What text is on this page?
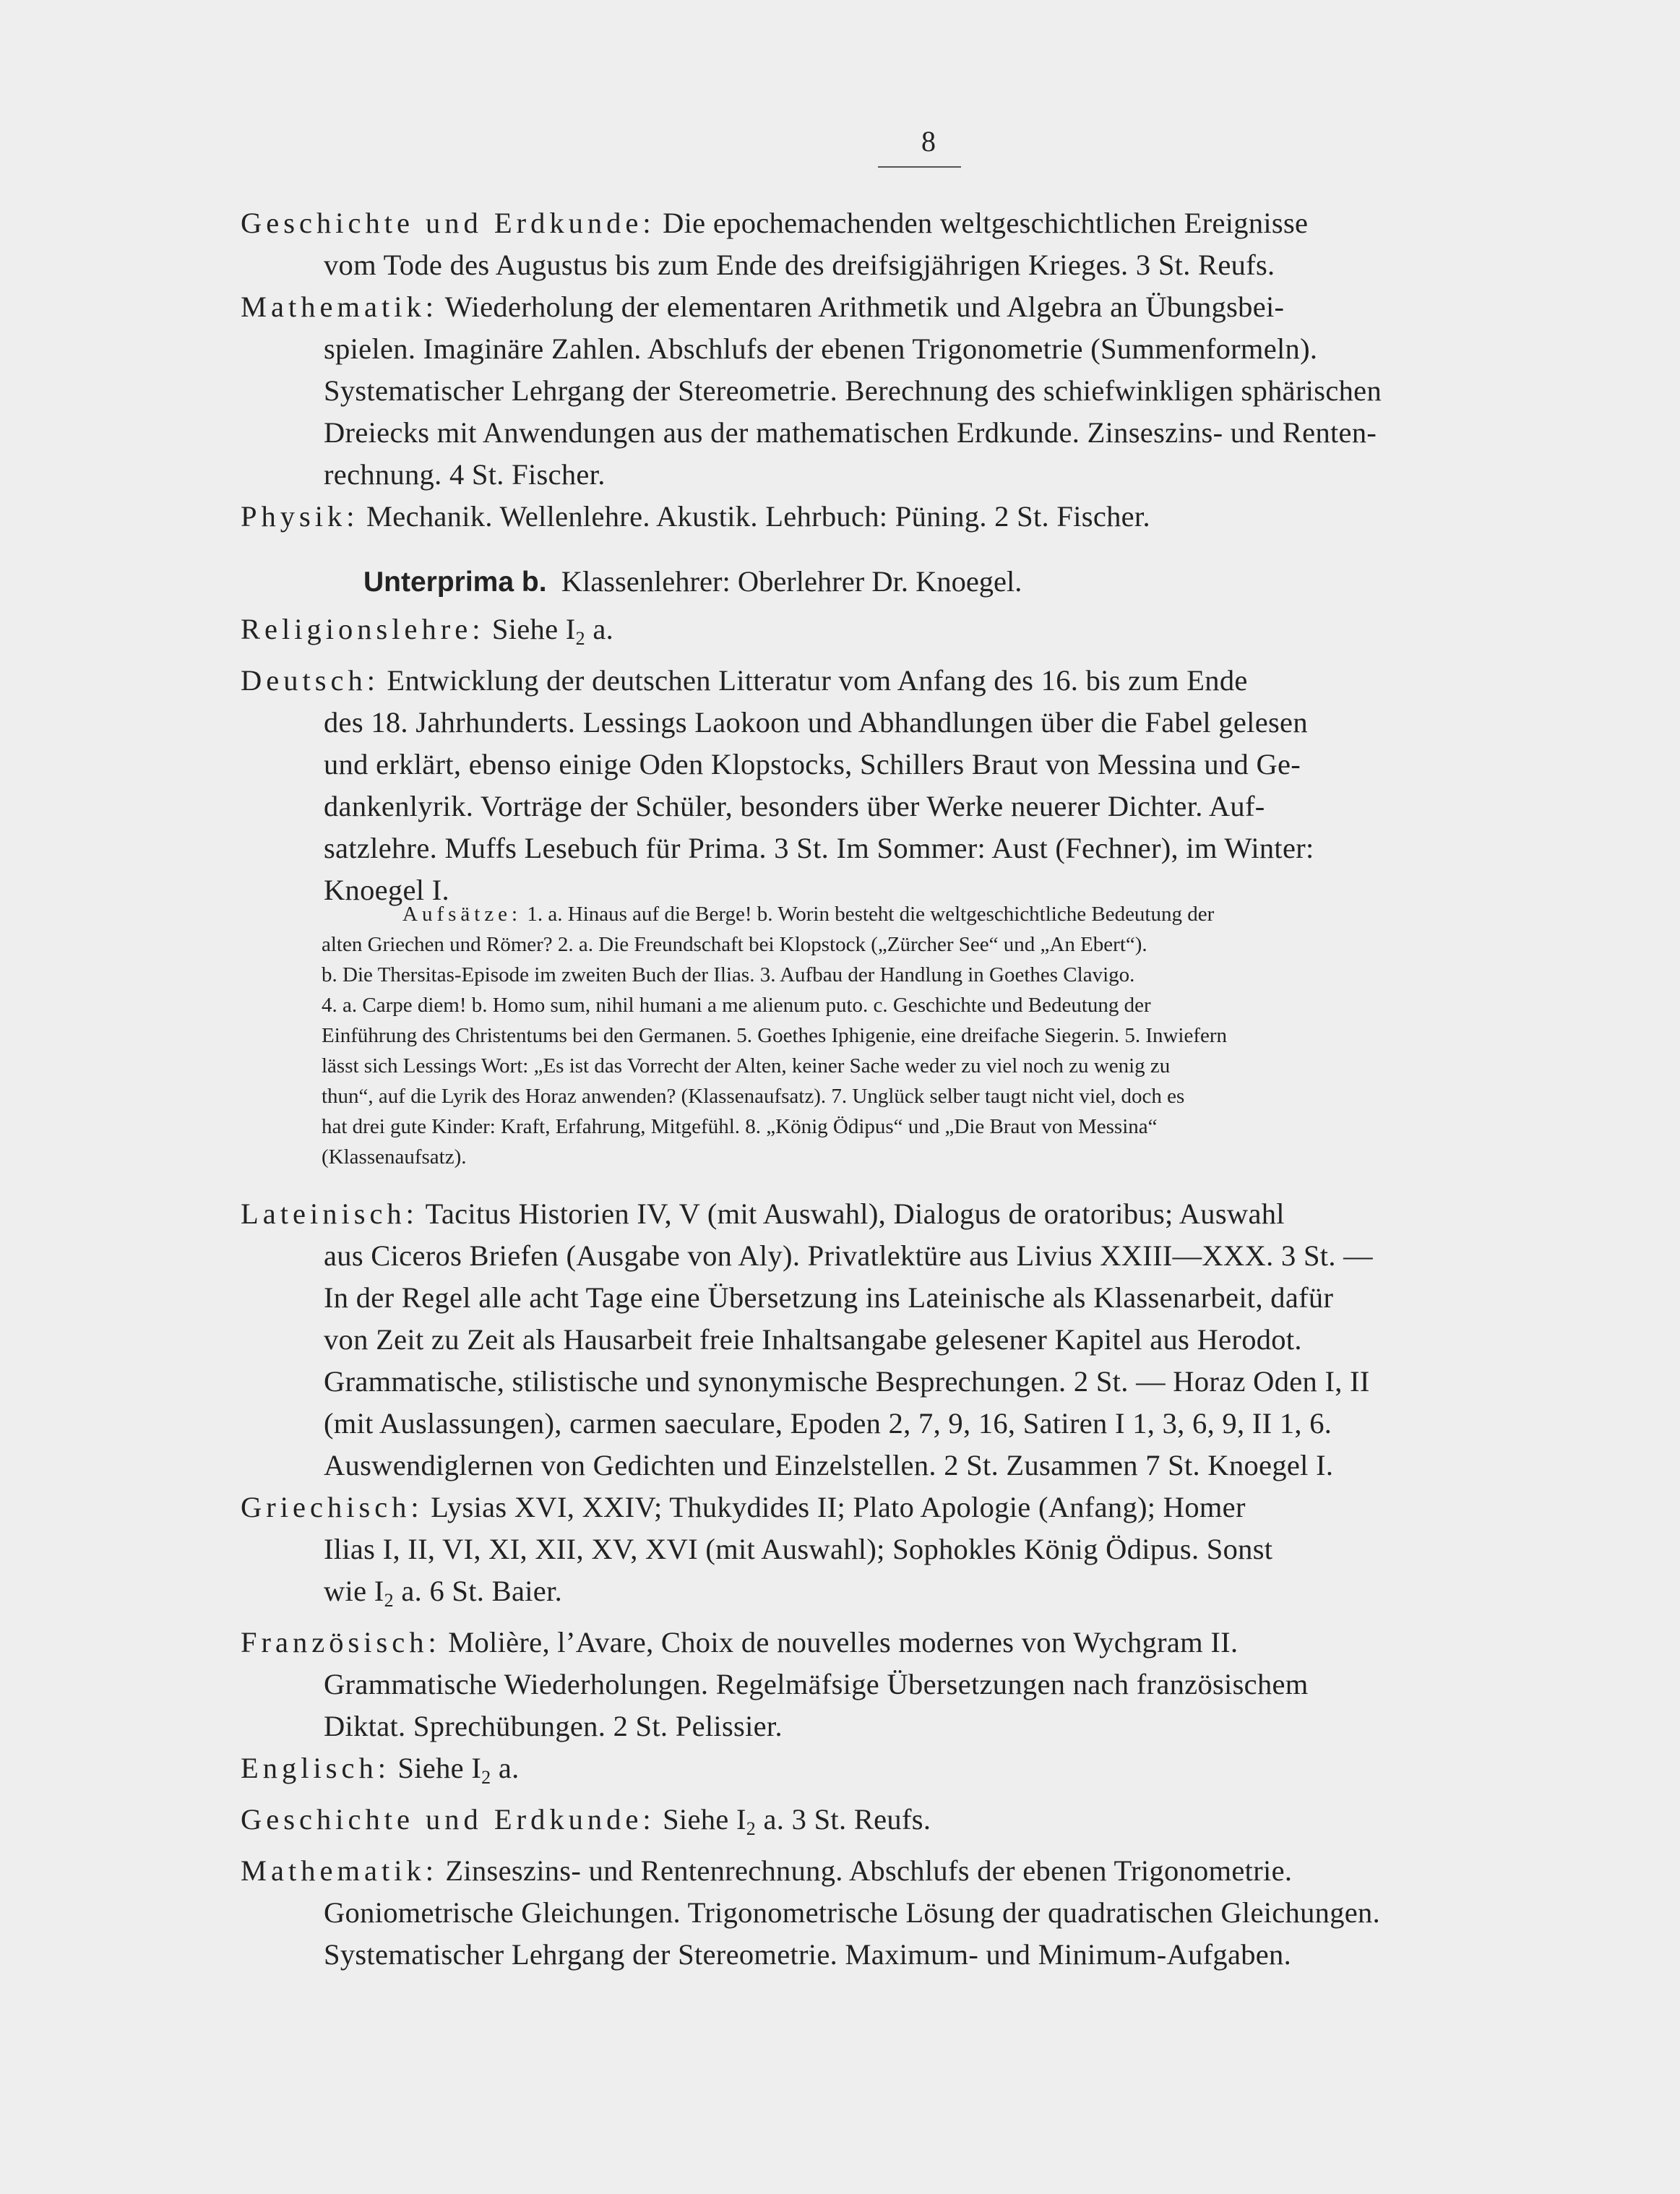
8
Geschichte und Erdkunde: Die epochemachenden weltgeschichtlichen Ereignisse
vom Tode des Augustus bis zum Ende des dreifsigjährigen Krieges. 3 St. Reufs.
Mathematik: Wiederholung der elementaren Arithmetik und Algebra an Übungsbei-
spielen. Imaginäre Zahlen. Abschlufs der ebenen Trigonometrie (Summenformeln).
Systematischer Lehrgang der Stereometrie. Berechnung des schiefwinkligen sphärischen
Dreiecks mit Anwendungen aus der mathematischen Erdkunde. Zinseszins- und Renten-
rechnung. 4 St. Fischer.
Physik: Mechanik. Wellenlehre. Akustik. Lehrbuch: Püning. 2 St. Fischer.
Unterprima b. Klassenlehrer: Oberlehrer Dr. Knoegel.
Religionslehre: Siehe $I_2$ a.
Deutsch: Entwicklung der deutschen Litteratur vom Anfang des 16. bis zum Ende
des 18. Jahrhunderts. Lessings Laokoon und Abhandlungen über die Fabel gelesen
und erklärt, ebenso einige Oden Klopstocks, Schillers Braut von Messina und Ge-
dankenlyrik. Vorträge der Schüler, besonders über Werke neuerer Dichter. Auf-
satzlehre. Muffs Lesebuch für Prima. 3 St. Im Sommer: Aust (Fechner), im Winter:
Knoegel I.
Aufsätze: 1. a. Hinaus auf die Berge! b. Worin besteht die weltgeschichtliche Bedeutung der
alten Griechen und Römer? 2. a. Die Freundschaft bei Klopstock („Zürcher See“ und „An Ebert“).
b. Die Thersitas-Episode im zweiten Buch der Ilias. 3. Aufbau der Handlung in Goethes Clavigo.
4. a. Carpe diem! b. Homo sum, nihil humani a me alienum puto. c. Geschichte und Bedeutung der
Einführung des Christentums bei den Germanen. 5. Goethes Iphigenie, eine dreifache Siegerin. 5. Inwiefern
lässt sich Lessings Wort: „Es ist das Vorrecht der Alten, keiner Sache weder zu viel noch zu wenig zu
thun“, auf die Lyrik des Horaz anwenden? (Klassenaufsatz). 7. Unglück selber taugt nicht viel, doch es
hat drei gute Kinder: Kraft, Erfahrung, Mitgefühl. 8. „König Ödipus“ und „Die Braut von Messina“
(Klassenaufsatz).
Lateinisch: Tacitus Historien IV, V (mit Auswahl), Dialogus de oratoribus; Auswahl
aus Ciceros Briefen (Ausgabe von Aly). Privatlektüre aus Livius XXIII—XXX. 3 St. —
In der Regel alle acht Tage eine Übersetzung ins Lateinische als Klassenarbeit, dafür
von Zeit zu Zeit als Hausarbeit freie Inhaltsangabe gelesener Kapitel aus Herodot.
Grammatische, stilistische und synonymische Besprechungen. 2 St. — Horaz Oden I, II
(mit Auslassungen), carmen saeculare, Epoden 2, 7, 9, 16, Satiren I 1, 3, 6, 9, II 1, 6.
Auswendiglernen von Gedichten und Einzelstellen. 2 St. Zusammen 7 St. Knoegel I.
Griechisch: Lysias XVI, XXIV; Thukydides II; Plato Apologie (Anfang); Homer
Ilias I, II, VI, XI, XII, XV, XVI (mit Auswahl); Sophokles König Ödipus. Sonst
wie $I_2$ a. 6 St. Baier.
Französisch: Molière, l’Avare, Choix de nouvelles modernes von Wychgram II.
Grammatische Wiederholungen. Regelmäfsige Übersetzungen nach französischem
Diktat. Sprechübungen. 2 St. Pelissier.
Englisch: Siehe $I_2$ a.
Geschichte und Erdkunde: Siehe $I_2$ a. 3 St. Reufs.
Mathematik: Zinseszins- und Rentenrechnung. Abschlufs der ebenen Trigonometrie.
Goniometrische Gleichungen. Trigonometrische Lösung der quadratischen Gleichungen.
Systematischer Lehrgang der Stereometrie. Maximum- und Minimum-Aufgaben.
